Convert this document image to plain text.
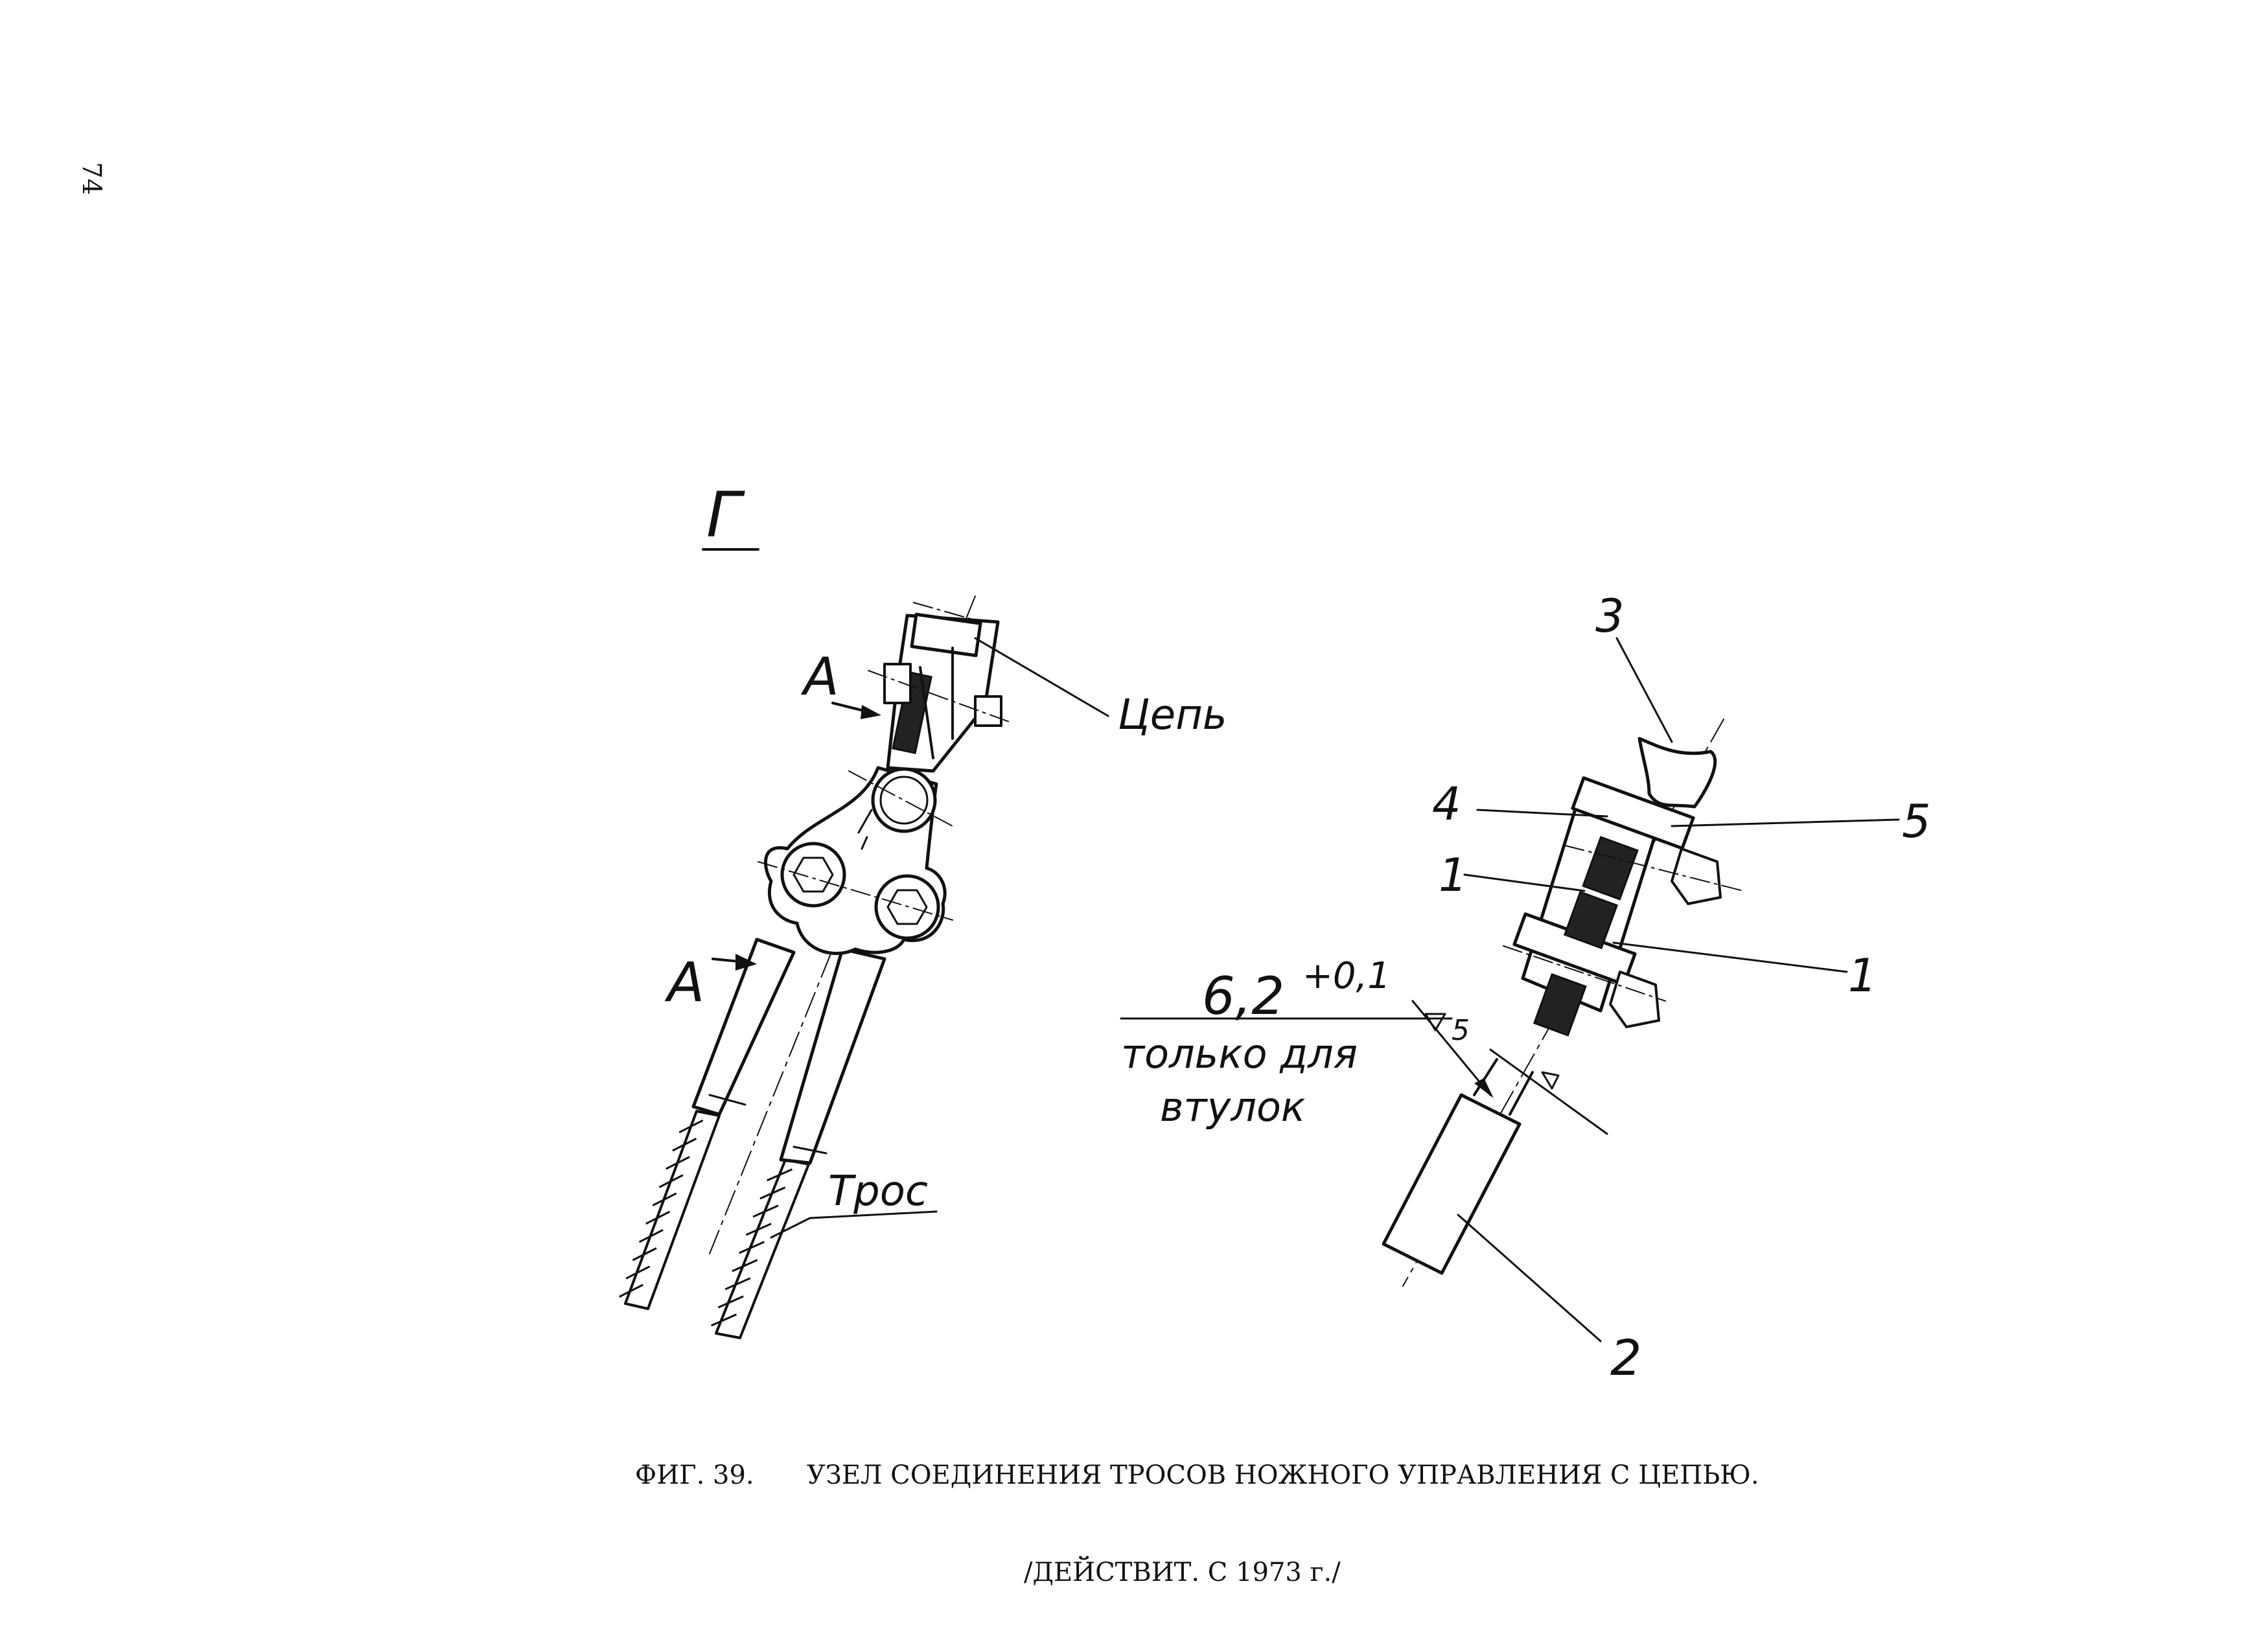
74
Г
А
А
Цепь
Трос
3
4	5
1
1
2
6,2 +0,1
только для
втулок
5
ФИГ. 39. УЗЕЛ СОЕДИНЕНИЯ ТРОСОВ НОЖНОГО УПРАВЛЕНИЯ С ЦЕПЬЮ.
/ДЕЙСТВИТ. С 1973 г./
